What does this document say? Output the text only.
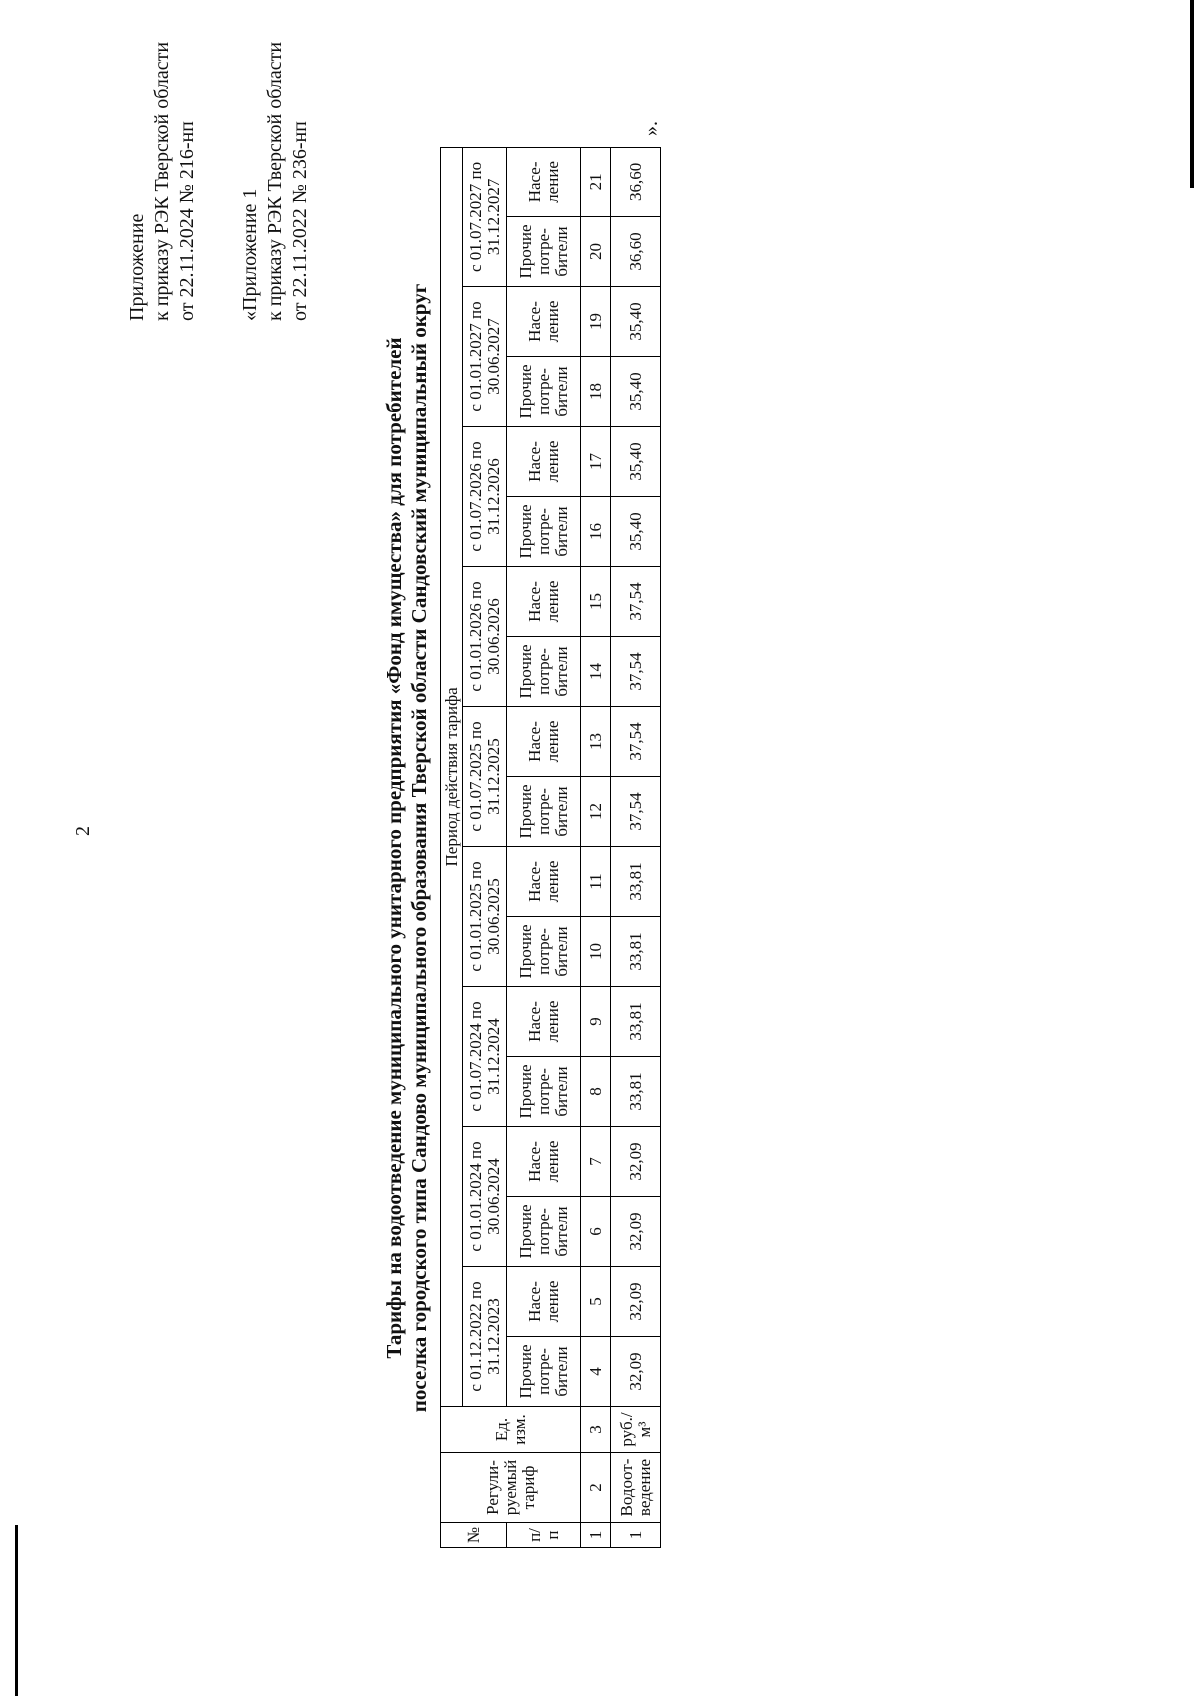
2
Приложение к приказу РЭК Тверской области от 22.11.2024 № 216-нп «Приложение 1 к приказу РЭК Тверской области от 22.11.2022 № 236-нп
Тарифы на водоотведение муниципального унитарного предприятия «Фонд имущества» для потребителей поселка городского типа Сандово муниципального образования Тверской области Сандовский муниципальный округ
№	Регули-руемый тариф	Ед. изм.	Период действия тарифа																	
			с 01.12.2022 по 31.12.2023		с 01.01.2024 по 30.06.2024		с 01.07.2024 по 31.12.2024		с 01.01.2025 по 30.06.2025		с 01.07.2025 по 31.12.2025		с 01.01.2026 по 30.06.2026		с 01.07.2026 по 31.12.2026		с 01.01.2027 по 30.06.2027		с 01.07.2027 по 31.12.2027	
п/п			Прочие потре-бители	Насе-ление	Прочие потре-бители	Насе-ление	Прочие потре-бители	Насе-ление	Прочие потре-бители	Насе-ление	Прочие потре-бители	Насе-ление	Прочие потре-бители	Насе-ление	Прочие потре-бители	Насе-ление	Прочие потре-бители	Насе-ление	Прочие потре-бители	Насе-ление
1	2	3	4	5	6	7	8	9	10	11	12	13	14	15	16	17	18	19	20	21
1	Водоот-ведение	руб./м³	32,09	32,09	32,09	32,09	33,81	33,81	33,81	33,81	37,54	37,54	37,54	37,54	35,40	35,40	35,40	35,40	36,60	36,60
».
